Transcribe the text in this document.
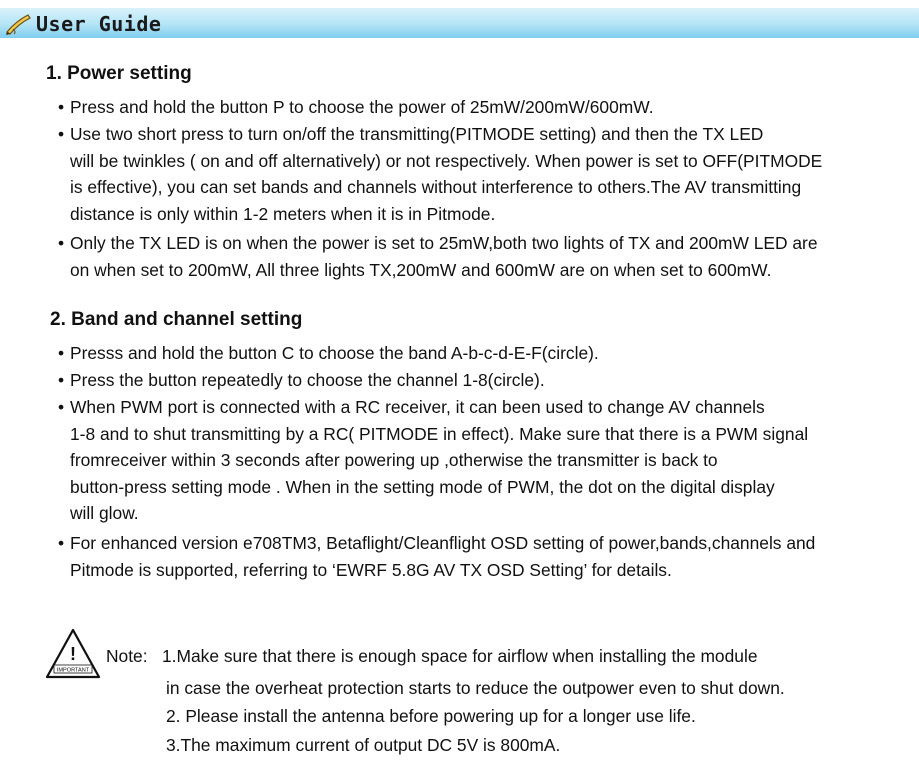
User Guide
1. Power setting
• Press and hold the button P to choose the power of 25mW/200mW/600mW.
• Use two short press to turn on/off the transmitting(PITMODE setting) and then the TX LED
will be twinkles ( on and off alternatively) or not respectively. When power is set to OFF(PITMODE
is effective), you can set bands and channels without interference to others.The AV transmitting
distance is only within 1-2 meters when it is in Pitmode.
• Only the TX LED is on when the power is set to 25mW,both two lights of TX and 200mW LED are
on when set to 200mW, All three lights TX,200mW and 600mW are on when set to 600mW.
2. Band and channel setting
• Presss and hold the button C to choose the band A-b-c-d-E-F(circle).
• Press the button repeatedly to choose the channel 1-8(circle).
• When PWM port is connected with a RC receiver, it can been used to change AV channels
1-8 and to shut transmitting by a RC( PITMODE in effect). Make sure that there is a PWM signal
fromreceiver within 3 seconds after powering up ,otherwise the transmitter is back to
button-press setting mode . When in the setting mode of PWM, the dot on the digital display
will glow.
• For enhanced version e708TM3, Betaflight/Cleanflight OSD setting of power,bands,channels and
Pitmode is supported, referring to ‘EWRF 5.8G AV TX OSD Setting’ for details.
!
IMPORTANT
Note: 1.Make sure that there is enough space for airflow when installing the module
in case the overheat protection starts to reduce the outpower even to shut down.
2. Please install the antenna before powering up for a longer use life.
3.The maximum current of output DC 5V is 800mA.
